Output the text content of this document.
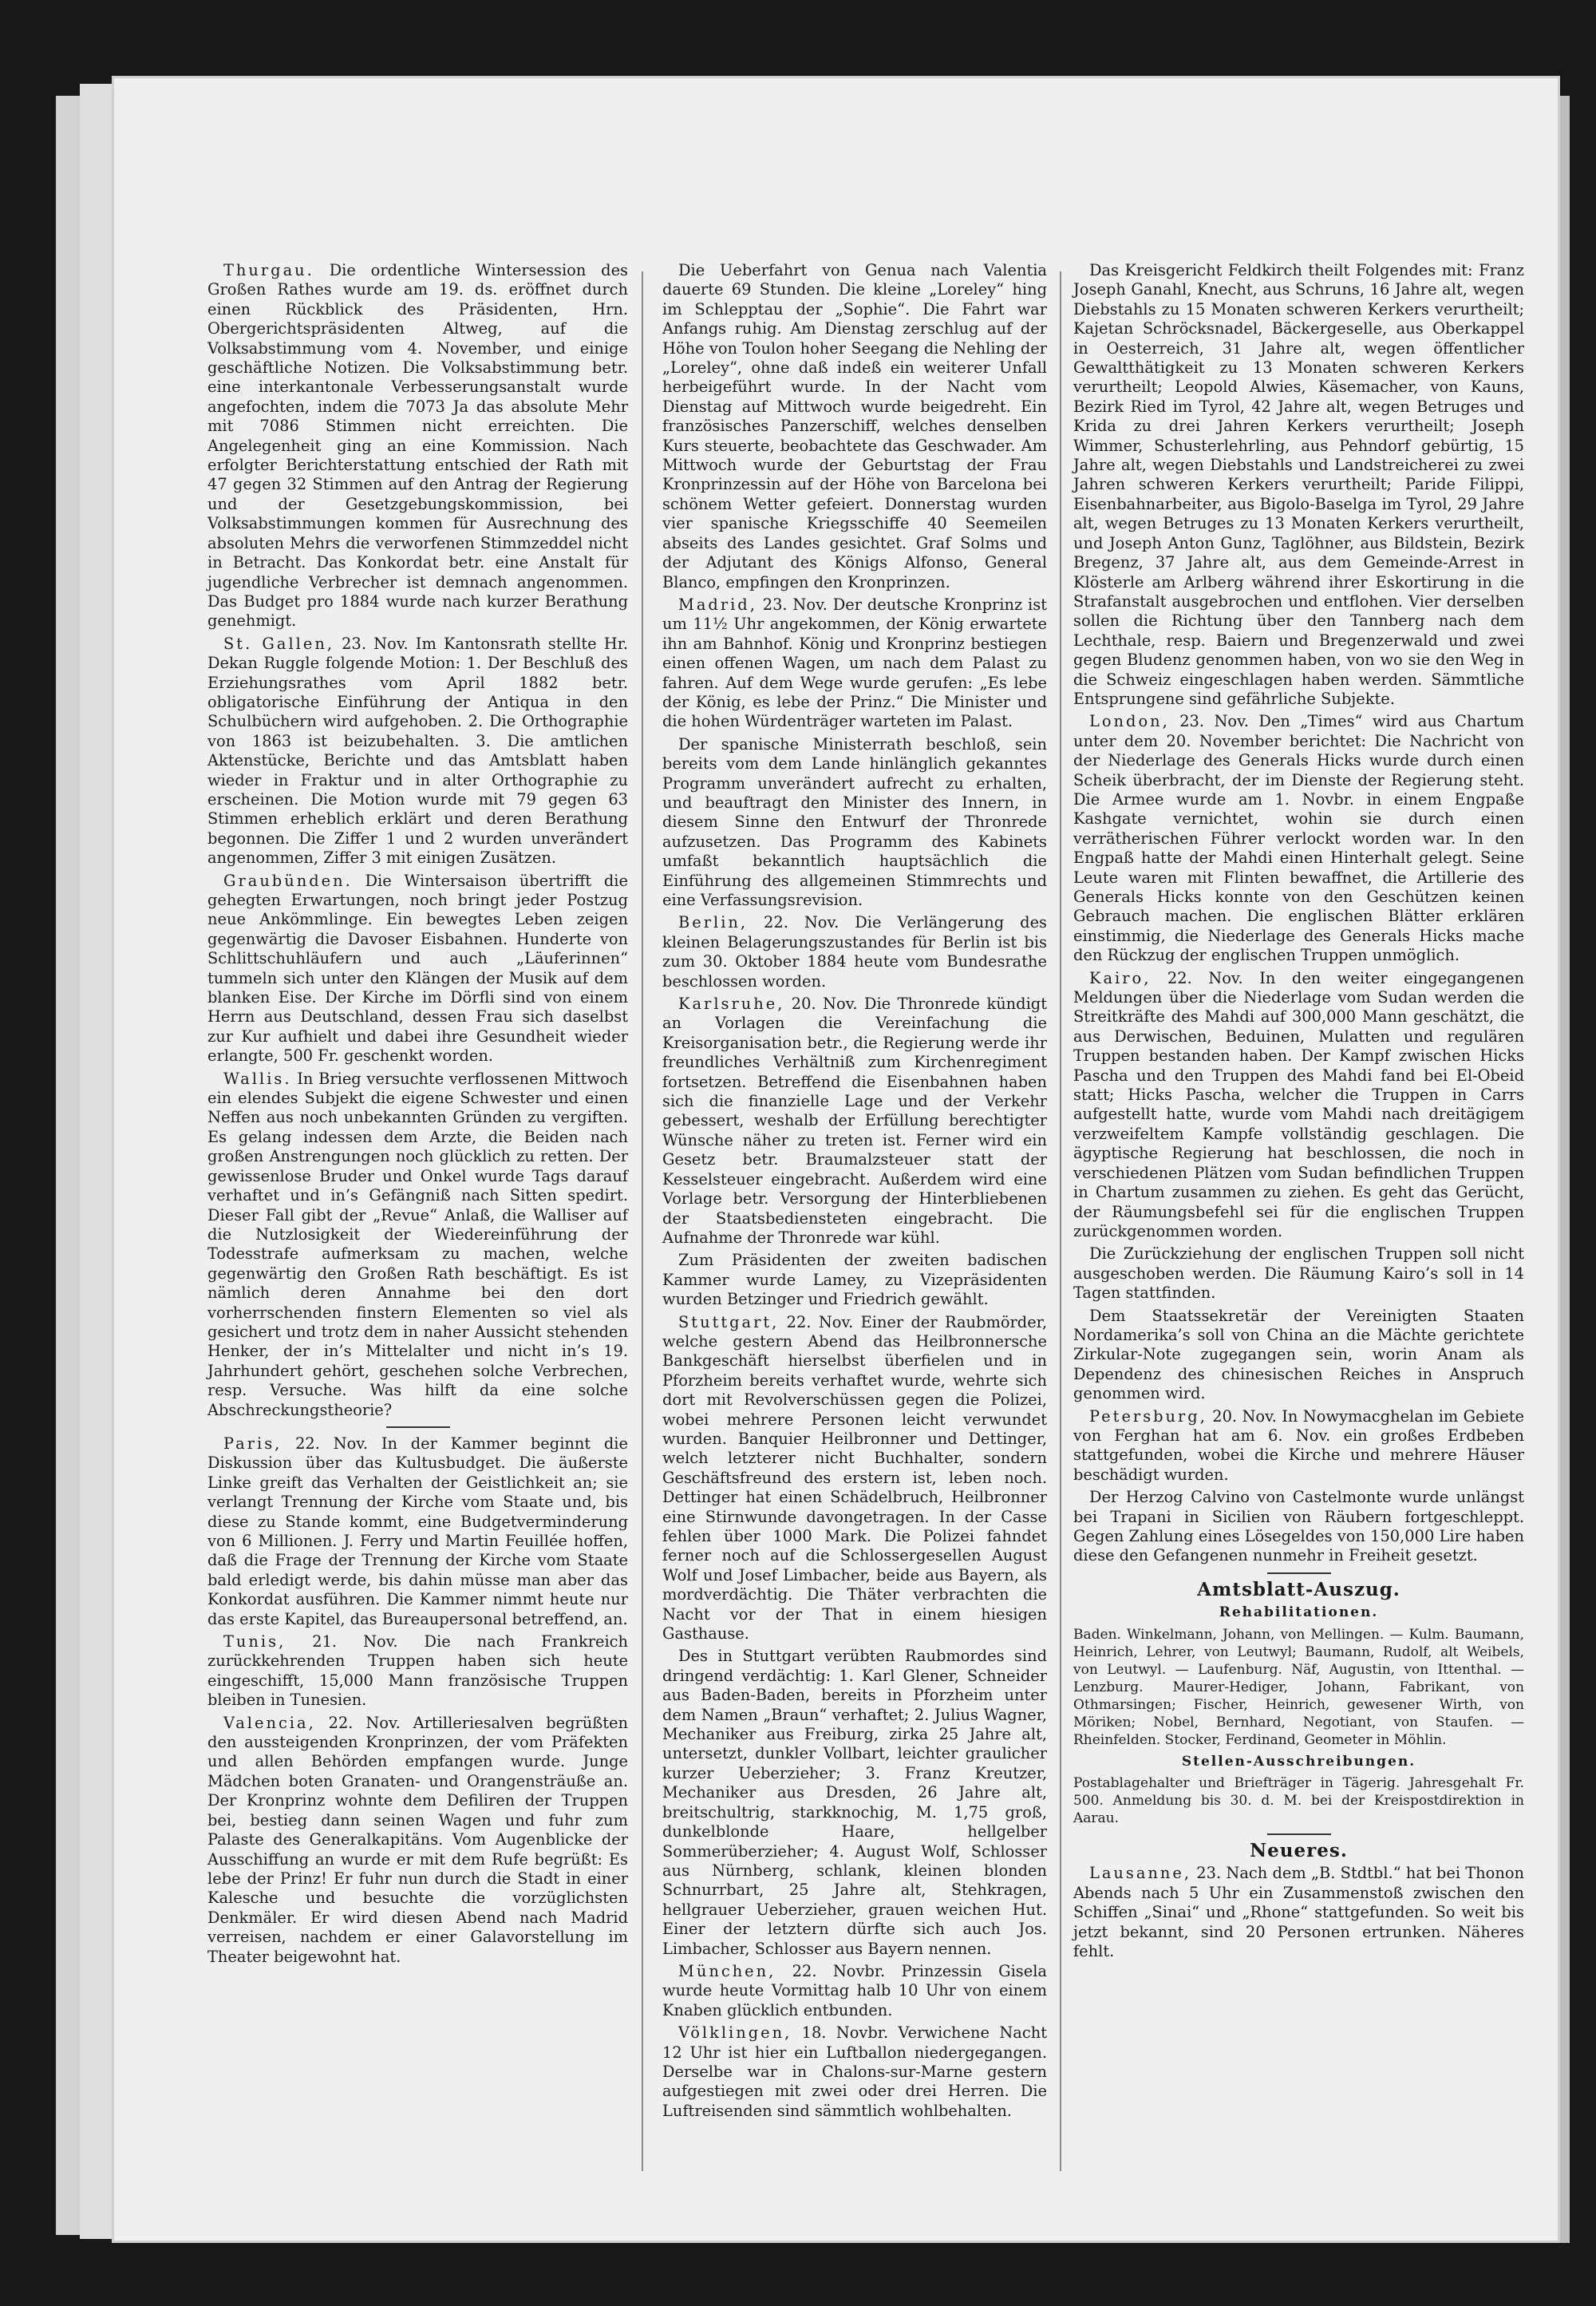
Thurgau. Die ordentliche Wintersession des Großen Rathes wurde am 19. ds. eröffnet durch einen Rückblick des Präsidenten, Hrn. Obergerichtspräsidenten Altweg, auf die Volksabstimmung vom 4. November, und einige geschäftliche Notizen. Die Volksabstimmung betr. eine interkantonale Verbesserungsanstalt wurde angefochten, indem die 7073 Ja das absolute Mehr mit 7086 Stimmen nicht erreichten. Die Angelegenheit ging an eine Kommission. Nach erfolgter Berichterstattung entschied der Rath mit 47 gegen 32 Stimmen auf den Antrag der Regierung und der Gesetzgebungskommission, bei Volksabstimmungen kommen für Ausrechnung des absoluten Mehrs die verworfenen Stimmzeddel nicht in Betracht. Das Konkordat betr. eine Anstalt für jugendliche Verbrecher ist demnach angenommen. Das Budget pro 1884 wurde nach kurzer Berathung genehmigt.

St. Gallen, 23. Nov. Im Kantonsrath stellte Hr. Dekan Ruggle folgende Motion: 1. Der Beschluß des Erziehungsrathes vom April 1882 betr. obligatorische Einführung der Antiqua in den Schulbüchern wird aufgehoben. 2. Die Orthographie von 1863 ist beizubehalten. 3. Die amtlichen Aktenstücke, Berichte und das Amtsblatt haben wieder in Fraktur und in alter Orthographie zu erscheinen. Die Motion wurde mit 79 gegen 63 Stimmen erheblich erklärt und deren Berathung begonnen. Die Ziffer 1 und 2 wurden unverändert angenommen, Ziffer 3 mit einigen Zusätzen.

Graubünden. Die Wintersaison übertrifft die gehegten Erwartungen, noch bringt jeder Postzug neue Ankömmlinge. Ein bewegtes Leben zeigen gegenwärtig die Davoser Eisbahnen. Hunderte von Schlittschuhläufern und auch „Läuferinnen“ tummeln sich unter den Klängen der Musik auf dem blanken Eise. Der Kirche im Dörfli sind von einem Herrn aus Deutschland, dessen Frau sich daselbst zur Kur aufhielt und dabei ihre Gesundheit wieder erlangte, 500 Fr. geschenkt worden.

Wallis. In Brieg versuchte verflossenen Mittwoch ein elendes Subjekt die eigene Schwester und einen Neffen aus noch unbekannten Gründen zu vergiften. Es gelang indessen dem Arzte, die Beiden nach großen Anstrengungen noch glücklich zu retten. Der gewissenlose Bruder und Onkel wurde Tags darauf verhaftet und in’s Gefängniß nach Sitten spedirt. Dieser Fall gibt der „Revue“ Anlaß, die Walliser auf die Nutzlosigkeit der Wiedereinführung der Todesstrafe aufmerksam zu machen, welche gegenwärtig den Großen Rath beschäftigt. Es ist nämlich deren Annahme bei den dort vorherrschenden finstern Elementen so viel als gesichert und trotz dem in naher Aussicht stehenden Henker, der in’s Mittelalter und nicht in’s 19. Jahrhundert gehört, geschehen solche Verbrechen, resp. Versuche. Was hilft da eine solche Abschreckungstheorie?

Paris, 22. Nov. In der Kammer beginnt die Diskussion über das Kultusbudget. Die äußerste Linke greift das Verhalten der Geistlichkeit an; sie verlangt Trennung der Kirche vom Staate und, bis diese zu Stande kommt, eine Budgetverminderung von 6 Millionen. J. Ferry und Martin Feuillée hoffen, daß die Frage der Trennung der Kirche vom Staate bald erledigt werde, bis dahin müsse man aber das Konkordat ausführen. Die Kammer nimmt heute nur das erste Kapitel, das Bureaupersonal betreffend, an.

Tunis, 21. Nov. Die nach Frankreich zurückkehrenden Truppen haben sich heute eingeschifft, 15,000 Mann französische Truppen bleiben in Tunesien.

Valencia, 22. Nov. Artilleriesalven begrüßten den aussteigenden Kronprinzen, der vom Präfekten und allen Behörden empfangen wurde. Junge Mädchen boten Granaten- und Orangensträuße an. Der Kronprinz wohnte dem Defiliren der Truppen bei, bestieg dann seinen Wagen und fuhr zum Palaste des Generalkapitäns. Vom Augenblicke der Ausschiffung an wurde er mit dem Rufe begrüßt: Es lebe der Prinz! Er fuhr nun durch die Stadt in einer Kalesche und besuchte die vorzüglichsten Denkmäler. Er wird diesen Abend nach Madrid verreisen, nachdem er einer Galavorstellung im Theater beigewohnt hat.

Die Ueberfahrt von Genua nach Valentia dauerte 69 Stunden. Die kleine „Loreley“ hing im Schlepptau der „Sophie“. Die Fahrt war Anfangs ruhig. Am Dienstag zerschlug auf der Höhe von Toulon hoher Seegang die Nehling der „Loreley“, ohne daß indeß ein weiterer Unfall herbeigeführt wurde. In der Nacht vom Dienstag auf Mittwoch wurde beigedreht. Ein französisches Panzerschiff, welches denselben Kurs steuerte, beobachtete das Geschwader. Am Mittwoch wurde der Geburtstag der Frau Kronprinzessin auf der Höhe von Barcelona bei schönem Wetter gefeiert. Donnerstag wurden vier spanische Kriegsschiffe 40 Seemeilen abseits des Landes gesichtet. Graf Solms und der Adjutant des Königs Alfonso, General Blanco, empfingen den Kronprinzen.

Madrid, 23. Nov. Der deutsche Kronprinz ist um 11½ Uhr angekommen, der König erwartete ihn am Bahnhof. König und Kronprinz bestiegen einen offenen Wagen, um nach dem Palast zu fahren. Auf dem Wege wurde gerufen: „Es lebe der König, es lebe der Prinz.“ Die Minister und die hohen Würdenträger warteten im Palast.

Der spanische Ministerrath beschloß, sein bereits vom dem Lande hinlänglich gekanntes Programm unverändert aufrecht zu erhalten, und beauftragt den Minister des Innern, in diesem Sinne den Entwurf der Thronrede aufzusetzen. Das Programm des Kabinets umfaßt bekanntlich hauptsächlich die Einführung des allgemeinen Stimmrechts und eine Verfassungsrevision.

Berlin, 22. Nov. Die Verlängerung des kleinen Belagerungszustandes für Berlin ist bis zum 30. Oktober 1884 heute vom Bundesrathe beschlossen worden.

Karlsruhe, 20. Nov. Die Thronrede kündigt an Vorlagen die Vereinfachung die Kreisorganisation betr., die Regierung werde ihr freundliches Verhältniß zum Kirchenregiment fortsetzen. Betreffend die Eisenbahnen haben sich die finanzielle Lage und der Verkehr gebessert, weshalb der Erfüllung berechtigter Wünsche näher zu treten ist. Ferner wird ein Gesetz betr. Braumalzsteuer statt der Kesselsteuer eingebracht. Außerdem wird eine Vorlage betr. Versorgung der Hinterbliebenen der Staatsbediensteten eingebracht. Die Aufnahme der Thronrede war kühl.

Zum Präsidenten der zweiten badischen Kammer wurde Lamey, zu Vizepräsidenten wurden Betzinger und Friedrich gewählt.

Stuttgart, 22. Nov. Einer der Raubmörder, welche gestern Abend das Heilbronnersche Bankgeschäft hierselbst überfielen und in Pforzheim bereits verhaftet wurde, wehrte sich dort mit Revolverschüssen gegen die Polizei, wobei mehrere Personen leicht verwundet wurden. Banquier Heilbronner und Dettinger, welch letzterer nicht Buchhalter, sondern Geschäftsfreund des erstern ist, leben noch. Dettinger hat einen Schädelbruch, Heilbronner eine Stirnwunde davongetragen. In der Casse fehlen über 1000 Mark. Die Polizei fahndet ferner noch auf die Schlossergesellen August Wolf und Josef Limbacher, beide aus Bayern, als mordverdächtig. Die Thäter verbrachten die Nacht vor der That in einem hiesigen Gasthause.

Des in Stuttgart verübten Raubmordes sind dringend verdächtig: 1. Karl Glener, Schneider aus Baden-Baden, bereits in Pforzheim unter dem Namen „Braun“ verhaftet; 2. Julius Wagner, Mechaniker aus Freiburg, zirka 25 Jahre alt, untersetzt, dunkler Vollbart, leichter graulicher kurzer Ueberzieher; 3. Franz Kreutzer, Mechaniker aus Dresden, 26 Jahre alt, breitschultrig, starkknochig, M. 1,75 groß, dunkelblonde Haare, hellgelber Sommerüberzieher; 4. August Wolf, Schlosser aus Nürnberg, schlank, kleinen blonden Schnurrbart, 25 Jahre alt, Stehkragen, hellgrauer Ueberzieher, grauen weichen Hut. Einer der letztern dürfte sich auch Jos. Limbacher, Schlosser aus Bayern nennen.

München, 22. Novbr. Prinzessin Gisela wurde heute Vormittag halb 10 Uhr von einem Knaben glücklich entbunden.

Völklingen, 18. Novbr. Verwichene Nacht 12 Uhr ist hier ein Luftballon niedergegangen. Derselbe war in Chalons-sur-Marne gestern aufgestiegen mit zwei oder drei Herren. Die Luftreisenden sind sämmtlich wohlbehalten.

Das Kreisgericht Feldkirch theilt Folgendes mit: Franz Joseph Ganahl, Knecht, aus Schruns, 16 Jahre alt, wegen Diebstahls zu 15 Monaten schweren Kerkers verurtheilt; Kajetan Schröcksnadel, Bäckergeselle, aus Oberkappel in Oesterreich, 31 Jahre alt, wegen öffentlicher Gewaltthätigkeit zu 13 Monaten schweren Kerkers verurtheilt; Leopold Alwies, Käsemacher, von Kauns, Bezirk Ried im Tyrol, 42 Jahre alt, wegen Betruges und Krida zu drei Jahren Kerkers verurtheilt; Joseph Wimmer, Schusterlehrling, aus Pehndorf gebürtig, 15 Jahre alt, wegen Diebstahls und Landstreicherei zu zwei Jahren schweren Kerkers verurtheilt; Paride Filippi, Eisenbahnarbeiter, aus Bigolo-Baselga im Tyrol, 29 Jahre alt, wegen Betruges zu 13 Monaten Kerkers verurtheilt, und Joseph Anton Gunz, Taglöhner, aus Bildstein, Bezirk Bregenz, 37 Jahre alt, aus dem Gemeinde-Arrest in Klösterle am Arlberg während ihrer Eskortirung in die Strafanstalt ausgebrochen und entflohen. Vier derselben sollen die Richtung über den Tannberg nach dem Lechthale, resp. Baiern und Bregenzerwald und zwei gegen Bludenz genommen haben, von wo sie den Weg in die Schweiz eingeschlagen haben werden. Sämmtliche Entsprungene sind gefährliche Subjekte.

London, 23. Nov. Den „Times“ wird aus Chartum unter dem 20. November berichtet: Die Nachricht von der Niederlage des Generals Hicks wurde durch einen Scheik überbracht, der im Dienste der Regierung steht. Die Armee wurde am 1. Novbr. in einem Engpaße Kashgate vernichtet, wohin sie durch einen verrätherischen Führer verlockt worden war. In den Engpaß hatte der Mahdi einen Hinterhalt gelegt. Seine Leute waren mit Flinten bewaffnet, die Artillerie des Generals Hicks konnte von den Geschützen keinen Gebrauch machen. Die englischen Blätter erklären einstimmig, die Niederlage des Generals Hicks mache den Rückzug der englischen Truppen unmöglich.

Kairo, 22. Nov. In den weiter eingegangenen Meldungen über die Niederlage vom Sudan werden die Streitkräfte des Mahdi auf 300,000 Mann geschätzt, die aus Derwischen, Beduinen, Mulatten und regulären Truppen bestanden haben. Der Kampf zwischen Hicks Pascha und den Truppen des Mahdi fand bei El-Obeid statt; Hicks Pascha, welcher die Truppen in Carrs aufgestellt hatte, wurde vom Mahdi nach dreitägigem verzweifeltem Kampfe vollständig geschlagen. Die ägyptische Regierung hat beschlossen, die noch in verschiedenen Plätzen vom Sudan befindlichen Truppen in Chartum zusammen zu ziehen. Es geht das Gerücht, der Räumungsbefehl sei für die englischen Truppen zurückgenommen worden.

Die Zurückziehung der englischen Truppen soll nicht ausgeschoben werden. Die Räumung Kairo’s soll in 14 Tagen stattfinden.

Dem Staatssekretär der Vereinigten Staaten Nordamerika’s soll von China an die Mächte gerichtete Zirkular-Note zugegangen sein, worin Anam als Dependenz des chinesischen Reiches in Anspruch genommen wird.

Petersburg, 20. Nov. In Nowymacghelan im Gebiete von Ferghan hat am 6. Nov. ein großes Erdbeben stattgefunden, wobei die Kirche und mehrere Häuser beschädigt wurden.

Der Herzog Calvino von Castelmonte wurde unlängst bei Trapani in Sicilien von Räubern fortgeschleppt. Gegen Zahlung eines Lösegeldes von 150,000 Lire haben diese den Gefangenen nunmehr in Freiheit gesetzt.

Amtsblatt-Auszug.

Rehabilitationen.

Baden. Winkelmann, Johann, von Mellingen. — Kulm. Baumann, Heinrich, Lehrer, von Leutwyl; Baumann, Rudolf, alt Weibels, von Leutwyl. — Laufenburg. Näf, Augustin, von Ittenthal. — Lenzburg. Maurer-Hediger, Johann, Fabrikant, von Othmarsingen; Fischer, Heinrich, gewesener Wirth, von Möriken; Nobel, Bernhard, Negotiant, von Staufen. — Rheinfelden. Stocker, Ferdinand, Geometer in Möhlin.

Stellen-Ausschreibungen.

Postablagehalter und Briefträger in Tägerig. Jahresgehalt Fr. 500. Anmeldung bis 30. d. M. bei der Kreispostdirektion in Aarau.

Neueres.

Lausanne, 23. Nach dem „B. Stdtbl.“ hat bei Thonon Abends nach 5 Uhr ein Zusammenstoß zwischen den Schiffen „Sinai“ und „Rhone“ stattgefunden. So weit bis jetzt bekannt, sind 20 Personen ertrunken. Näheres fehlt.
